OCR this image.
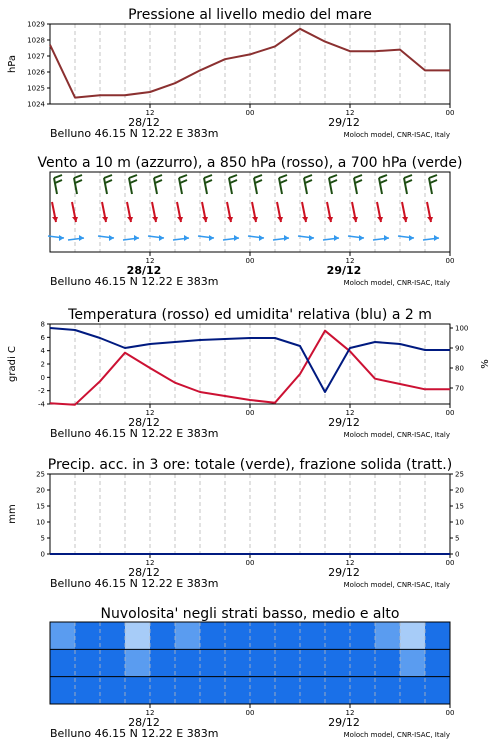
Pressione al livello medio del mare
12	00	12	00
28/12	29/12
Belluno 46.15 N 12.22 E 383m	Moloch model, CNR-ISAC, Italy
1024
1025
1026
1027
1028
1029
hPa
Vento a 10 m (azzurro), a 850 hPa (rosso), a 700 hPa (verde)
12	00	12	00
28/12	29/12
Belluno 46.15 N 12.22 E 383m	Moloch model, CNR-ISAC, Italy
Temperatura (rosso) ed umidita' relativa (blu) a 2 m
12	00	12	00
28/12	29/12
Belluno 46.15 N 12.22 E 383m	Moloch model, CNR-ISAC, Italy
-4
-2
0
2
4
6
8
70
80
90
100
gradi C	%
Precip. acc. in 3 ore: totale (verde), frazione solida (tratt.)
12	00	12	00
28/12	29/12
Belluno 46.15 N 12.22 E 383m	Moloch model, CNR-ISAC, Italy
0
5
10
15
20
25
0
5
10
15
20
25
mm
Nuvolosita' negli strati basso, medio e alto
12	00	12	00
28/12	29/12
Belluno 46.15 N 12.22 E 383m	Moloch model, CNR-ISAC, Italy
